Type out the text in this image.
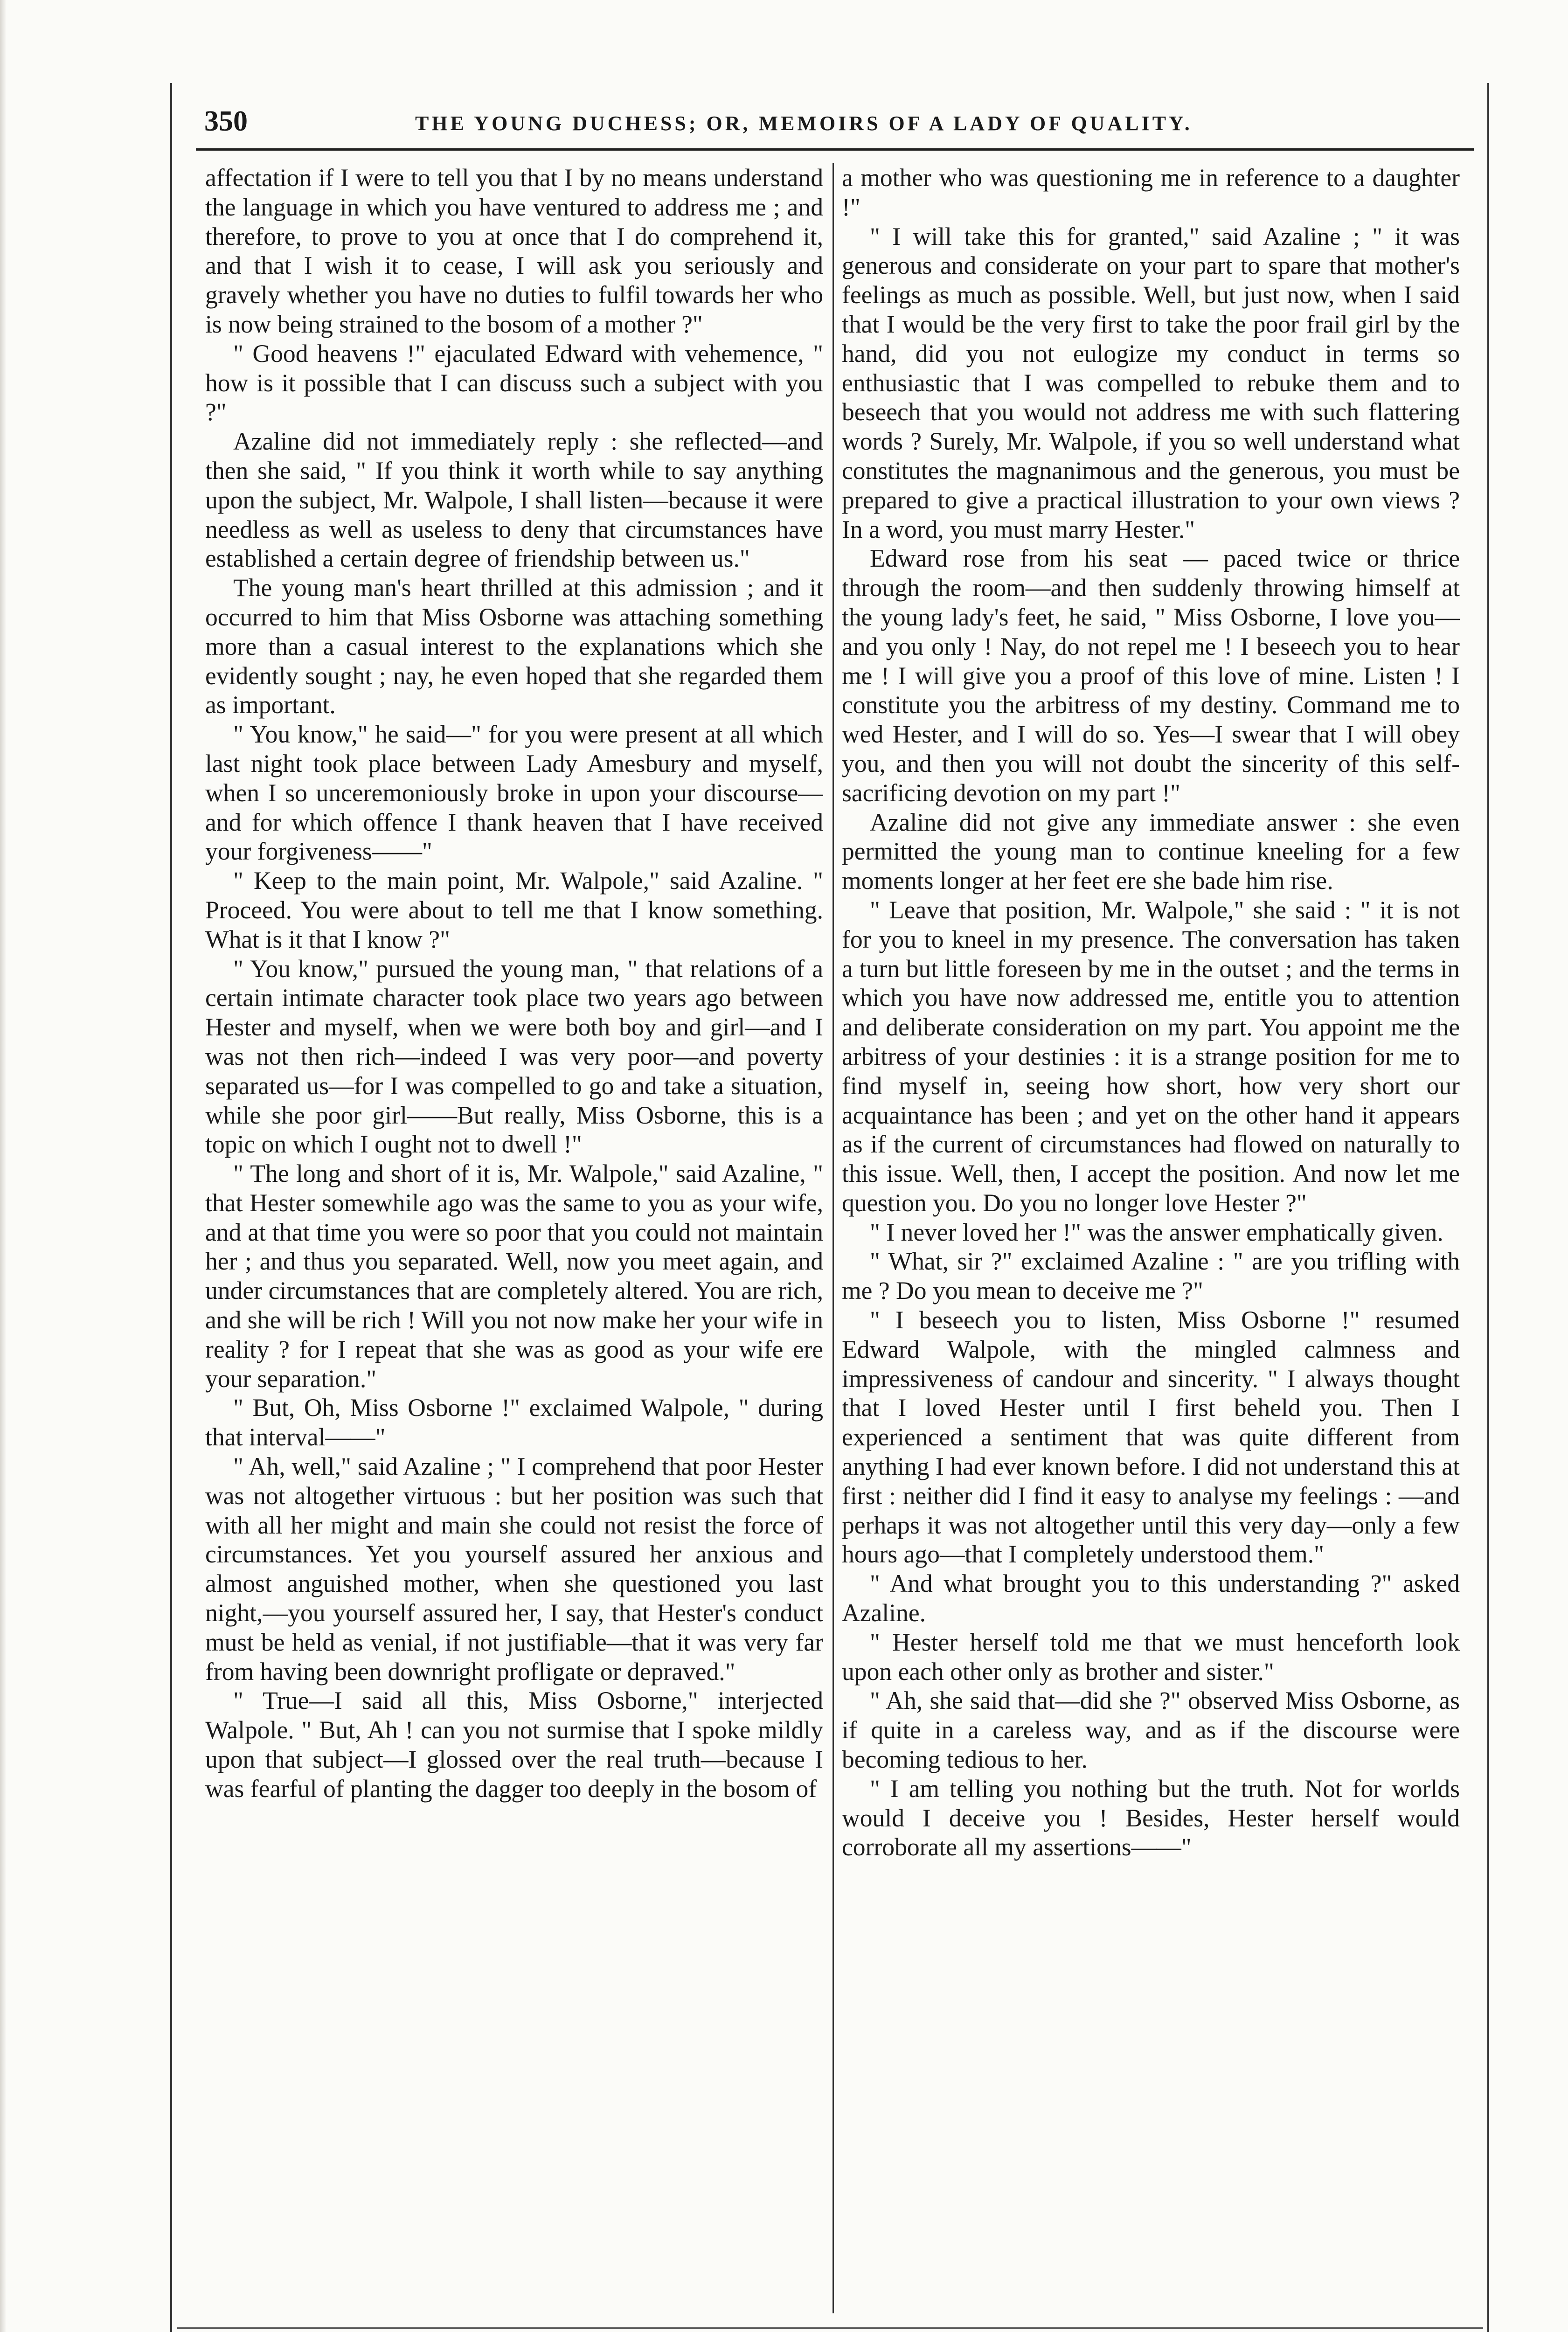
350	THE YOUNG DUCHESS; OR, MEMOIRS OF A LADY OF QUALITY.

affectation if I were to tell you that I by no means understand the language in which you have ventured to address me ; and therefore, to prove to you at once that I do comprehend it, and that I wish it to cease, I will ask you seriously and gravely whether you have no duties to fulfil towards her who is now being strained to the bosom of a mother ?"

" Good heavens !" ejaculated Edward with vehemence, " how is it possible that I can discuss such a subject with you ?"

Azaline did not immediately reply : she reflected—and then she said, " If you think it worth while to say anything upon the subject, Mr. Walpole, I shall listen—because it were needless as well as useless to deny that circumstances have established a certain degree of friendship between us."

The young man's heart thrilled at this admission ; and it occurred to him that Miss Osborne was attaching something more than a casual interest to the explanations which she evidently sought ; nay, he even hoped that she regarded them as important.

" You know," he said—" for you were present at all which last night took place between Lady Amesbury and myself, when I so unceremoniously broke in upon your discourse—and for which offence I thank heaven that I have received your forgiveness——"

" Keep to the main point, Mr. Walpole," said Azaline. " Proceed. You were about to tell me that I know something. What is it that I know ?"

" You know," pursued the young man, " that relations of a certain intimate character took place two years ago between Hester and myself, when we were both boy and girl—and I was not then rich—indeed I was very poor—and poverty separated us—for I was compelled to go and take a situation, while she poor girl——But really, Miss Osborne, this is a topic on which I ought not to dwell !"

" The long and short of it is, Mr. Walpole," said Azaline, " that Hester somewhile ago was the same to you as your wife, and at that time you were so poor that you could not maintain her ; and thus you separated. Well, now you meet again, and under circumstances that are completely altered. You are rich, and she will be rich ! Will you not now make her your wife in reality ? for I repeat that she was as good as your wife ere your separation."

" But, Oh, Miss Osborne !" exclaimed Walpole, " during that interval——"

" Ah, well," said Azaline ; " I comprehend that poor Hester was not altogether virtuous : but her position was such that with all her might and main she could not resist the force of circumstances. Yet you yourself assured her anxious and almost anguished mother, when she questioned you last night,—you yourself assured her, I say, that Hester's conduct must be held as venial, if not justifiable—that it was very far from having been downright profligate or depraved."

" True—I said all this, Miss Osborne," interjected Walpole. " But, Ah ! can you not surmise that I spoke mildly upon that subject—I glossed over the real truth—because I was fearful of planting the dagger too deeply in the bosom of

a mother who was questioning me in reference to a daughter !"

" I will take this for granted," said Azaline ; " it was generous and considerate on your part to spare that mother's feelings as much as possible. Well, but just now, when I said that I would be the very first to take the poor frail girl by the hand, did you not eulogize my conduct in terms so enthusiastic that I was compelled to rebuke them and to beseech that you would not address me with such flattering words ? Surely, Mr. Walpole, if you so well understand what constitutes the magnanimous and the generous, you must be prepared to give a practical illustration to your own views ? In a word, you must marry Hester."

Edward rose from his seat — paced twice or thrice through the room—and then suddenly throwing himself at the young lady's feet, he said, " Miss Osborne, I love you—and you only ! Nay, do not repel me ! I beseech you to hear me ! I will give you a proof of this love of mine. Listen ! I constitute you the arbitress of my destiny. Command me to wed Hester, and I will do so. Yes—I swear that I will obey you, and then you will not doubt the sincerity of this self-sacrificing devotion on my part !"

Azaline did not give any immediate answer : she even permitted the young man to continue kneeling for a few moments longer at her feet ere she bade him rise.

" Leave that position, Mr. Walpole," she said : " it is not for you to kneel in my presence. The conversation has taken a turn but little foreseen by me in the outset ; and the terms in which you have now addressed me, entitle you to attention and deliberate consideration on my part. You appoint me the arbitress of your destinies : it is a strange position for me to find myself in, seeing how short, how very short our acquaintance has been ; and yet on the other hand it appears as if the current of circumstances had flowed on naturally to this issue. Well, then, I accept the position. And now let me question you. Do you no longer love Hester ?"

" I never loved her !" was the answer emphatically given.

" What, sir ?" exclaimed Azaline : " are you trifling with me ? Do you mean to deceive me ?"

" I beseech you to listen, Miss Osborne !" resumed Edward Walpole, with the mingled calmness and impressiveness of candour and sincerity. " I always thought that I loved Hester until I first beheld you. Then I experienced a sentiment that was quite different from anything I had ever known before. I did not understand this at first : neither did I find it easy to analyse my feelings : —and perhaps it was not altogether until this very day—only a few hours ago—that I completely understood them."

" And what brought you to this understanding ?" asked Azaline.

" Hester herself told me that we must henceforth look upon each other only as brother and sister."

" Ah, she said that—did she ?" observed Miss Osborne, as if quite in a careless way, and as if the discourse were becoming tedious to her.

" I am telling you nothing but the truth. Not for worlds would I deceive you ! Besides, Hester herself would corroborate all my assertions——"
